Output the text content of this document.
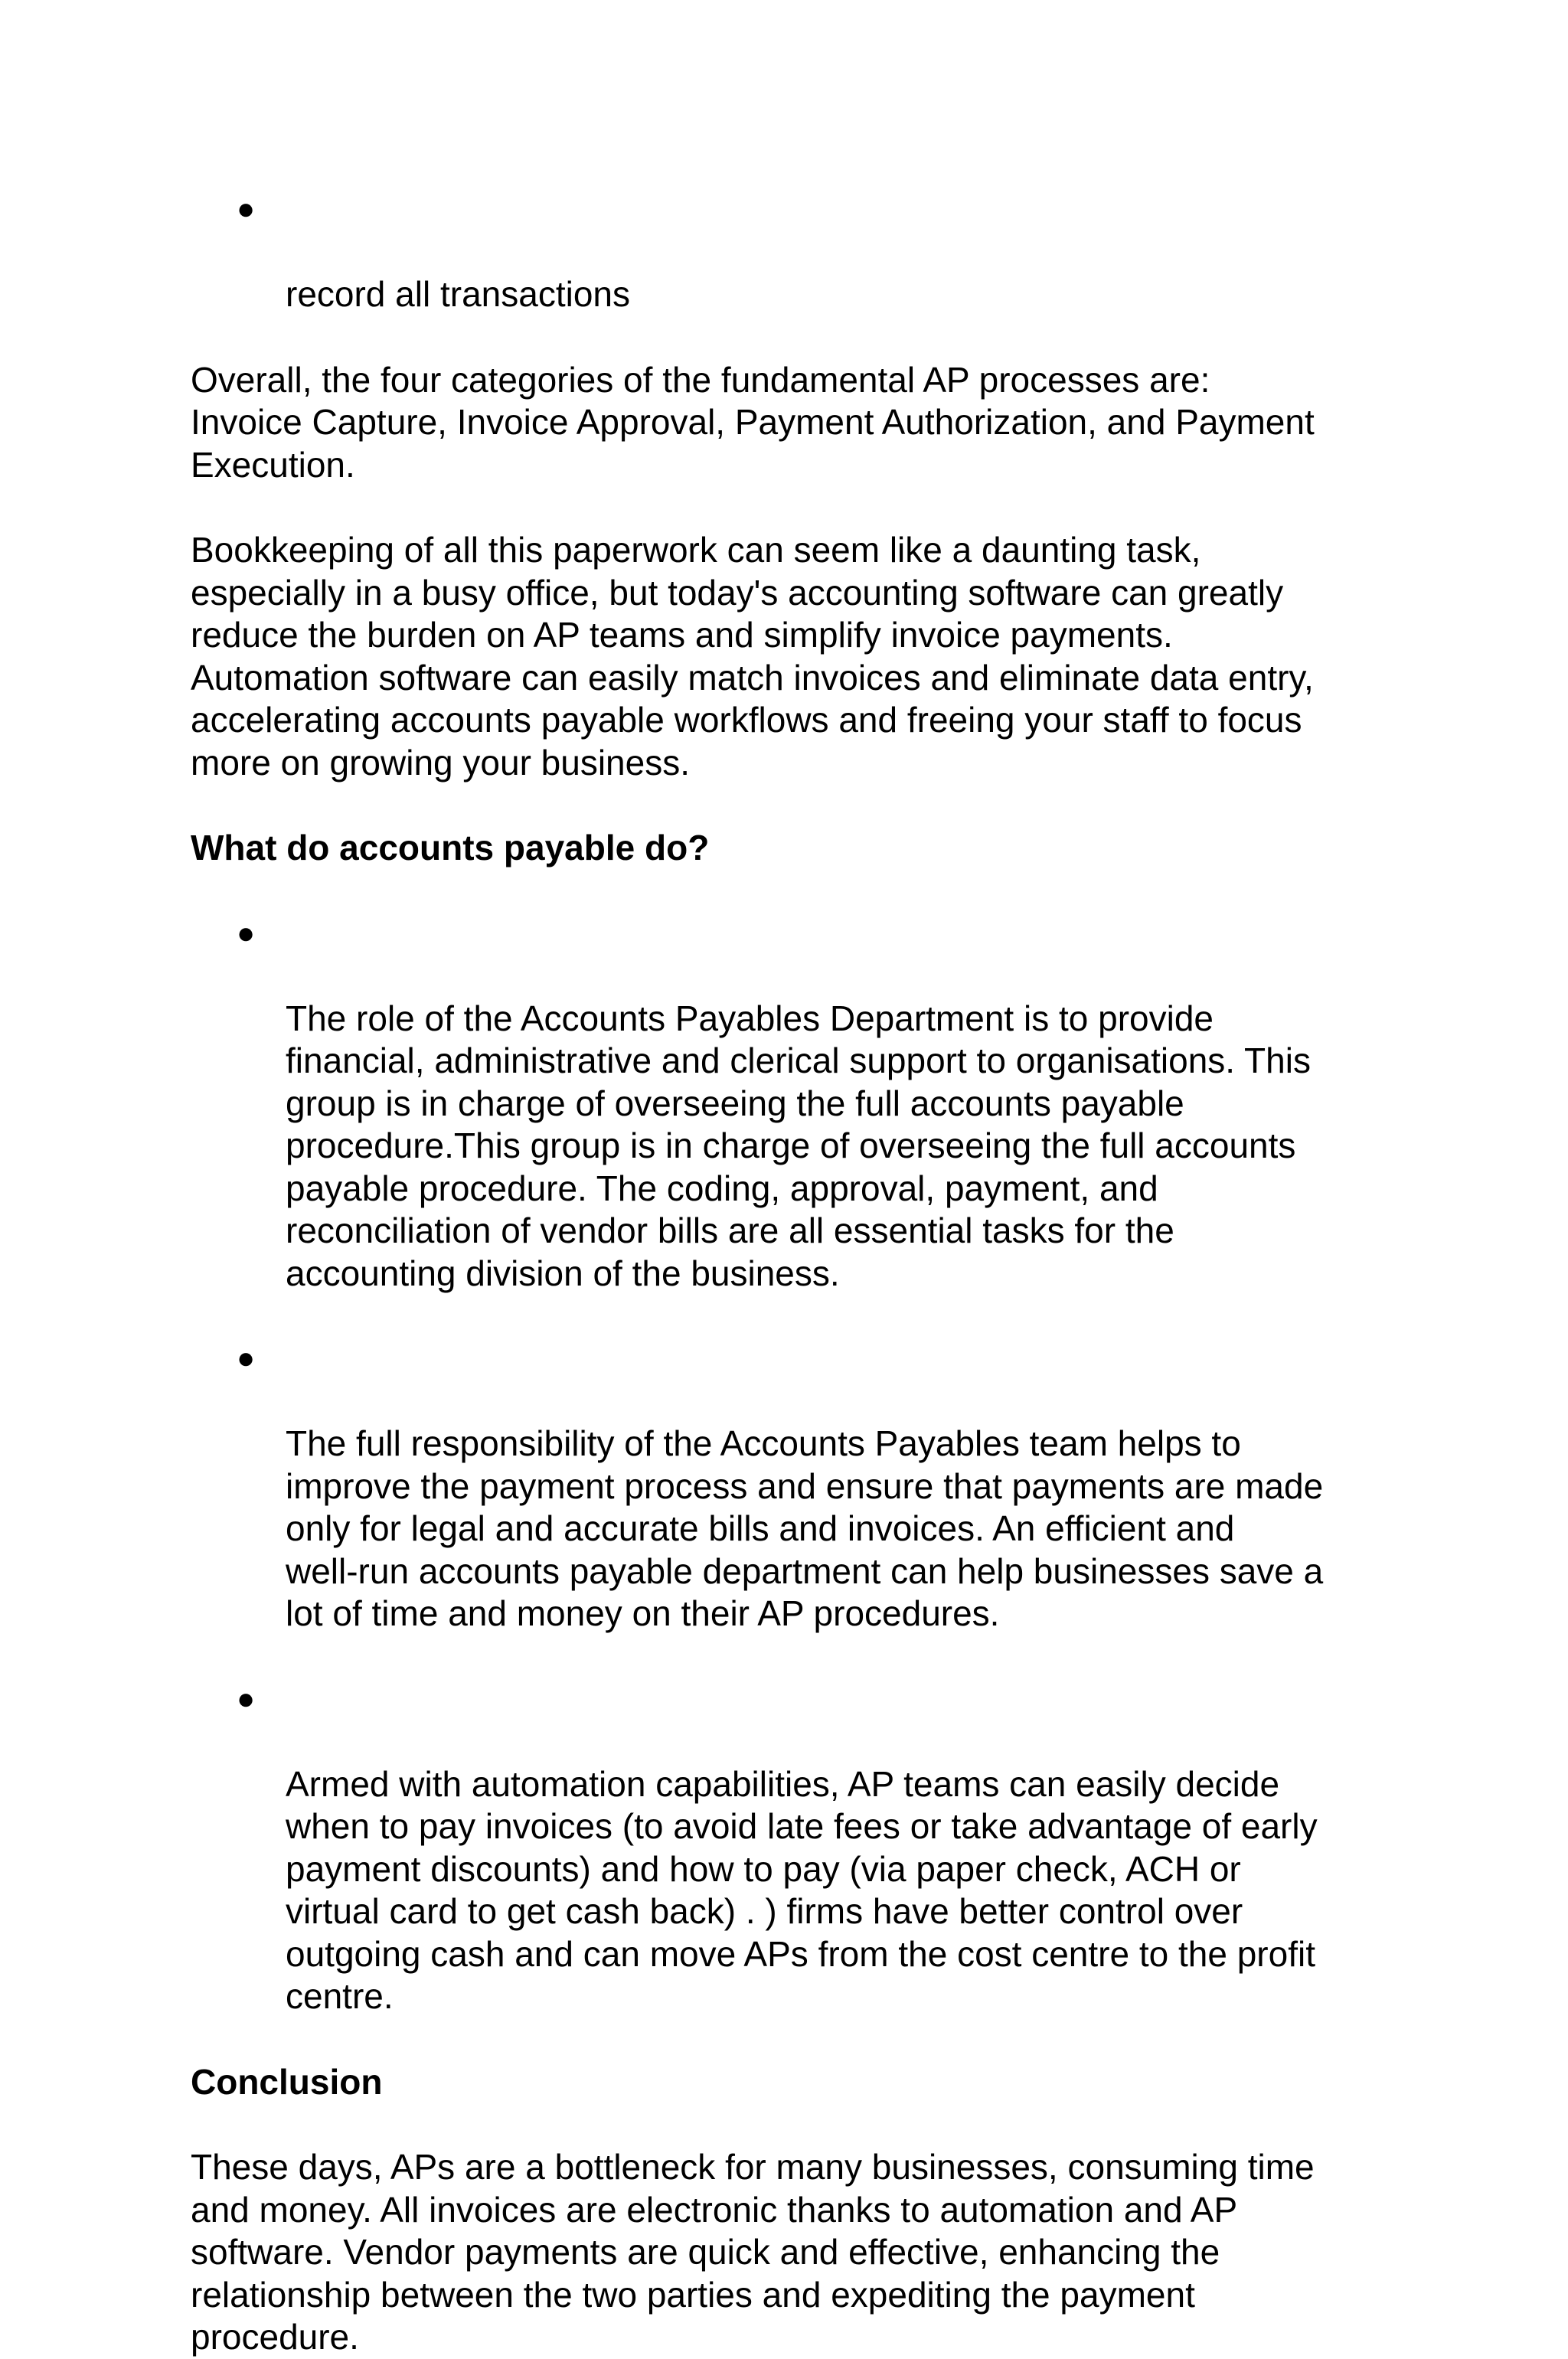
●

record all transactions

Overall, the four categories of the fundamental AP processes are:
Invoice Capture, Invoice Approval, Payment Authorization, and Payment
Execution.

Bookkeeping of all this paperwork can seem like a daunting task,
especially in a busy office, but today's accounting software can greatly
reduce the burden on AP teams and simplify invoice payments.
Automation software can easily match invoices and eliminate data entry,
accelerating accounts payable workflows and freeing your staff to focus
more on growing your business.

What do accounts payable do?

●

The role of the Accounts Payables Department is to provide
financial, administrative and clerical support to organisations. This
group is in charge of overseeing the full accounts payable
procedure.This group is in charge of overseeing the full accounts
payable procedure. The coding, approval, payment, and
reconciliation of vendor bills are all essential tasks for the
accounting division of the business.

●

The full responsibility of the Accounts Payables team helps to
improve the payment process and ensure that payments are made
only for legal and accurate bills and invoices. An efficient and
well-run accounts payable department can help businesses save a
lot of time and money on their AP procedures.

●

Armed with automation capabilities, AP teams can easily decide
when to pay invoices (to avoid late fees or take advantage of early
payment discounts) and how to pay (via paper check, ACH or
virtual card to get cash back) . ) firms have better control over
outgoing cash and can move APs from the cost centre to the profit
centre.

Conclusion

These days, APs are a bottleneck for many businesses, consuming time
and money. All invoices are electronic thanks to automation and AP
software. Vendor payments are quick and effective, enhancing the
relationship between the two parties and expediting the payment
procedure.
